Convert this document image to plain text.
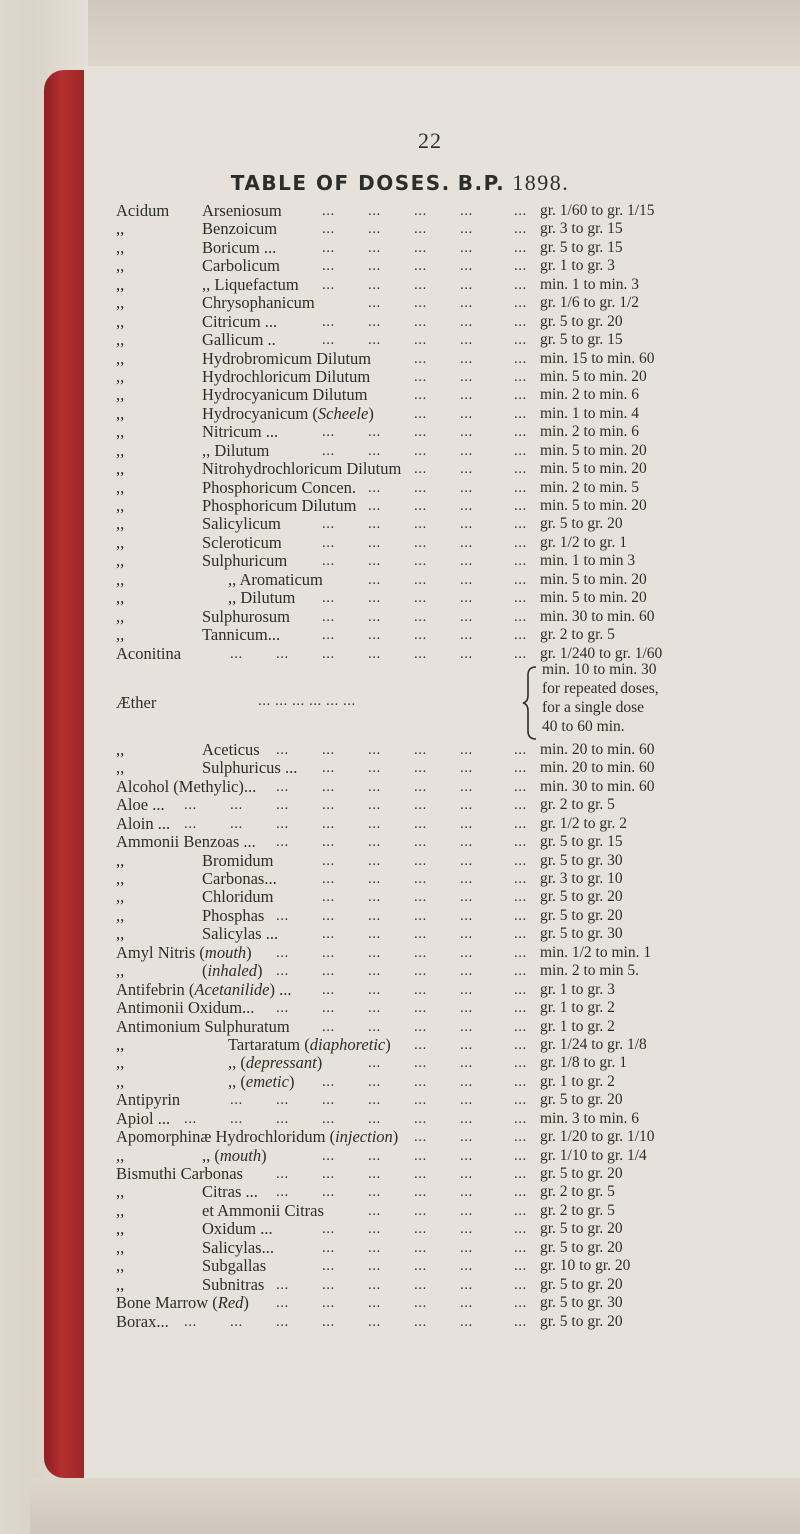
22
TABLE OF DOSES. B.P. 1898.
Acidum Arseniosum	gr. 1/60 to gr. 1/15
...
... ... ... ...
,,	Benzoicum	gr. 3 to gr. 15
...
... ... ... ...
,,	Boricum ...	gr. 5 to gr. 15
...
... ... ... ...
,,	Carbolicum	gr. 1 to gr. 3
...
... ... ... ...
,,	,, Liquefactum	min. 1 to min. 3
...
... ... ... ...
,,	Chrysophanicum	gr. 1/6 to gr. 1/2
...
... ... ...
,,	Citricum ...	gr. 5 to gr. 20
...
... ... ... ...
,,	Gallicum ..	gr. 5 to gr. 15
...
... ... ... ...
,,	Hydrobromicum Dilutum	min. 15 to min. 60
...
... ...
,,	Hydrochloricum Dilutum	min. 5 to min. 20
...
... ...
,,	Hydrocyanicum Dilutum	min. 2 to min. 6
...
... ...
,,	Hydrocyanicum (Scheele)	min. 1 to min. 4
...
... ...
,,	Nitricum ...	min. 2 to min. 6
...
... ... ... ...
,,	,, Dilutum	min. 5 to min. 20
...
... ... ... ...
,,	Nitrohydrochloricum Dilutum	min. 5 to min. 20
...
... ...
,,	Phosphoricum Concen.	min. 2 to min. 5
...
... ... ...
,,	Phosphoricum Dilutum	min. 5 to min. 20
...
... ... ...
,,	Salicylicum	gr. 5 to gr. 20
...
... ... ... ...
,,	Scleroticum	gr. 1/2 to gr. 1
...
... ... ... ...
,,	Sulphuricum	min. 1 to min 3
...
... ... ... ...
,,	,, Aromaticum	min. 5 to min. 20
...
... ... ...
,,	,, Dilutum	min. 5 to min. 20
...
... ... ... ...
,,	Sulphurosum	min. 30 to min. 60
...
... ... ... ...
,,	Tannicum...	gr. 2 to gr. 5
...
... ... ... ...
Aconitina	gr. 1/240 to gr. 1/60
...
... ... ... ... ... ...
Æther	... ... ... ... ... ...
min. 10 to min. 30
for repeated doses,
for a single dose
40 to 60 min.
,,	Aceticus	min. 20 to min. 60
...
... ... ... ... ...
,,	Sulphuricus ...	min. 20 to min. 60
...
... ... ... ...
Alcohol (Methylic)...	min. 30 to min. 60
...
... ... ... ... ...
Aloe ...	gr. 2 to gr. 5
...
... ... ... ... ... ... ...
Aloin ...	gr. 1/2 to gr. 2
...
... ... ... ... ... ... ...
Ammonii Benzoas ...	gr. 5 to gr. 15
...
... ... ... ... ...
,,	Bromidum	gr. 5 to gr. 30
...
... ... ... ...
,,	Carbonas...	gr. 3 to gr. 10
...
... ... ... ...
,,	Chloridum	gr. 5 to gr. 20
...
... ... ... ...
,,	Phosphas	gr. 5 to gr. 20
...
... ... ... ... ...
,,	Salicylas ...	gr. 5 to gr. 30
...
... ... ... ...
Amyl Nitris (mouth)	min. 1/2 to min. 1
...
... ... ... ... ...
,,	(inhaled)	min. 2 to min 5.
...
... ... ... ... ...
Antifebrin (Acetanilide) ...	gr. 1 to gr. 3
...
... ... ... ...
Antimonii Oxidum...	gr. 1 to gr. 2
...
... ... ... ... ...
Antimonium Sulphuratum	gr. 1 to gr. 2
...
... ... ... ...
,,	Tartaratum (diaphoretic)	gr. 1/24 to gr. 1/8
...
... ...
,,	,, (depressant)	gr. 1/8 to gr. 1
...
... ... ...
,,	,, (emetic)	gr. 1 to gr. 2
...
... ... ... ...
Antipyrin	gr. 5 to gr. 20
...
... ... ... ... ... ...
Apiol ...	min. 3 to min. 6
...
... ... ... ... ... ... ...
Apomorphinæ Hydrochloridum (injection)	gr. 1/20 to gr. 1/10
...
... ...
,,	,, (mouth)	gr. 1/10 to gr. 1/4
...
... ... ... ...
Bismuthi Carbonas	gr. 5 to gr. 20
...
... ... ... ... ...
,,	Citras ...	gr. 2 to gr. 5
...
... ... ... ... ...
,,	et Ammonii Citras	gr. 2 to gr. 5
...
... ... ...
,,	Oxidum ...	gr. 5 to gr. 20
...
... ... ... ...
,,	Salicylas...	gr. 5 to gr. 20
...
... ... ... ...
,,	Subgallas	gr. 10 to gr. 20
...
... ... ... ...
,,	Subnitras	gr. 5 to gr. 20
...
... ... ... ... ...
Bone Marrow (Red)	gr. 5 to gr. 30
...
... ... ... ... ...
Borax...	gr. 5 to gr. 20
...
... ... ... ... ... ... ...
